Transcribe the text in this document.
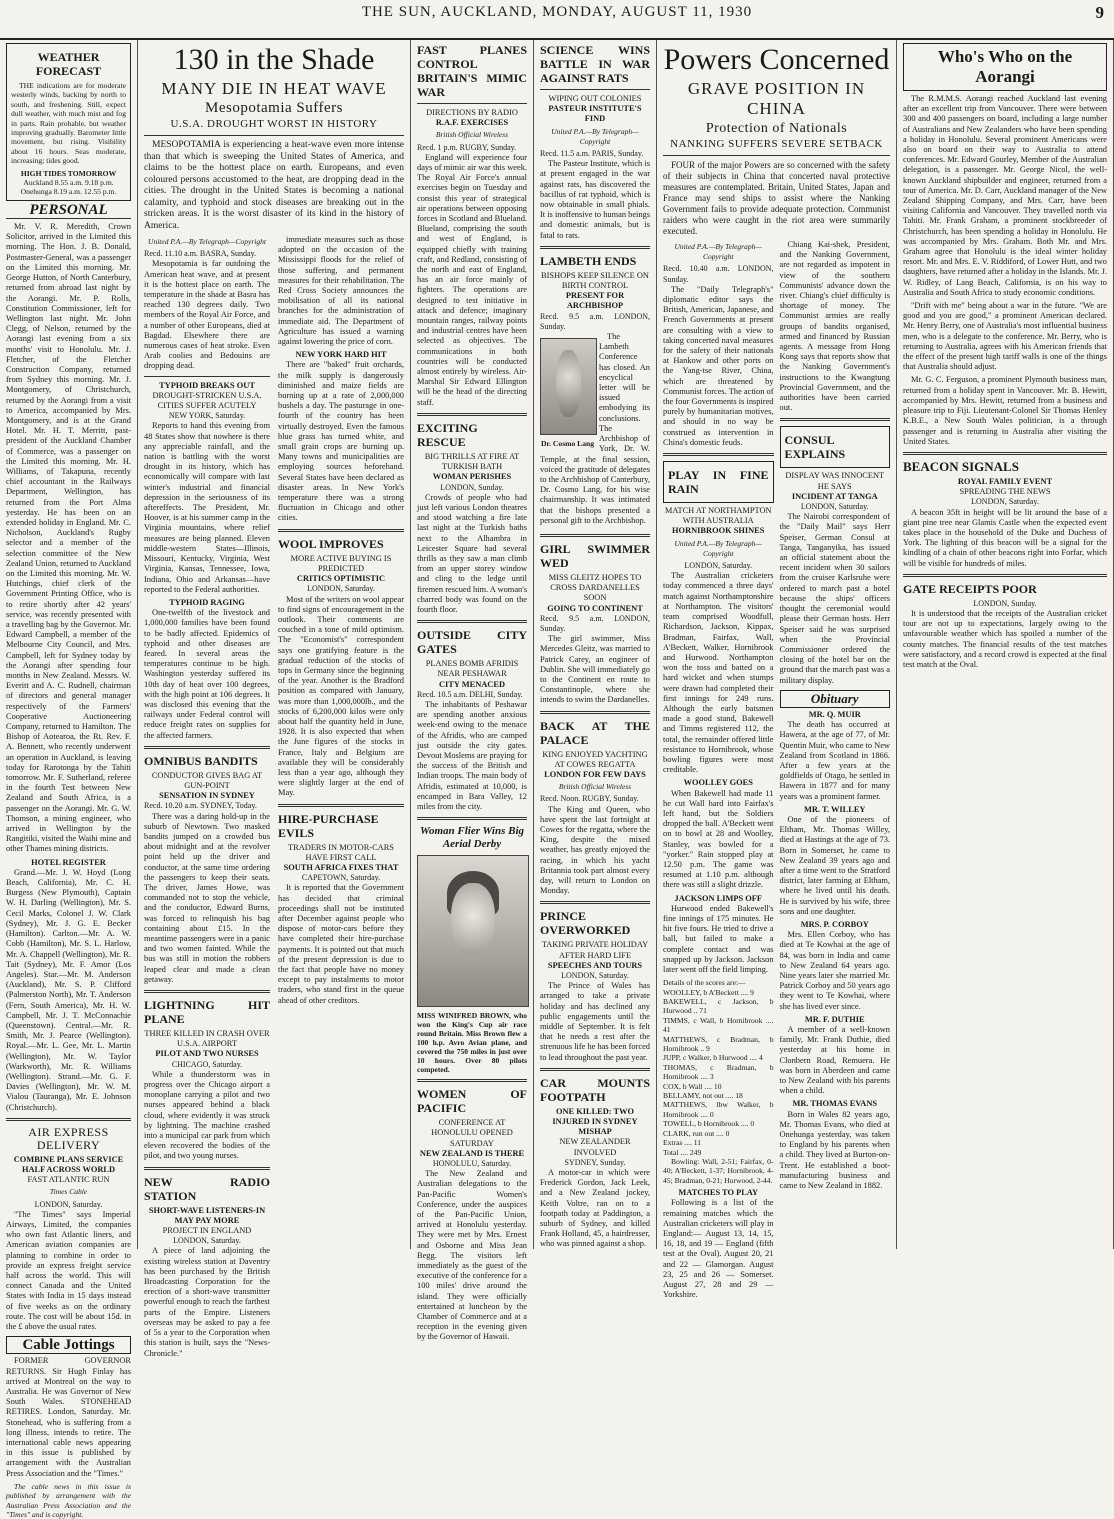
THE SUN, AUCKLAND, MONDAY, AUGUST 11, 1930	9
WEATHER FORECAST

THE indications are for moderate westerly winds, backing by north to south, and freshening. Still, expect dull weather, with much mist and fog in parts. Rain probable, but weather improving gradually. Barometer little movement, but rising. Visibility about 16 hours. Seas moderate, increasing; tides good.

HIGH TIDES TOMORROW
Auckland 8.55 a.m. 9.18 p.m.
Onehunga 8.19 a.m. 12.55 p.m.
PERSONAL

Mr. V. R. Meredith, Crown Solicitor, arrived in the Limited this morning. The Hon. J. B. Donald, Postmaster-General, was a passenger on the Limited this morning. Mr. George Hutton, of North Canterbury, returned from abroad last night by the Aorangi. Mr. P. Rolls, Constitution Commissioner, left for Wellington last night. Mr. John Clegg, of Nelson, returned by the Aorangi last evening from a six months' visit to Honolulu. Mr. J. Fletcher, of the Fletcher Construction Company, returned from Sydney this morning. Mr. J. Montgomery, of Christchurch, returned by the Aorangi from a visit to America, accompanied by Mrs. Montgomery, and is at the Grand Hotel. Mr. H. T. Merritt, past-president of the Auckland Chamber of Commerce, was a passenger on the Limited this morning. Mr. H. Williams, of Takapuna, recently chief accountant in the Railways Department, Wellington, has returned from the Port Alma yesterday. He has been on an extended holiday in England. Mr. C. Nicholson, Auckland's Rugby selector and a member of the selection committee of the New Zealand Union, returned to Auckland on the Limited this morning. Mr. W. Hutchings, chief clerk of the Government Printing Office, who is to retire shortly after 42 years' service, was recently presented with a travelling bag by the Governor. Mr. Edward Campbell, a member of the Melbourne City Council, and Mrs. Campbell, left for Sydney today by the Aorangi after spending four months in New Zealand. Messrs. W. Everitt and A. C. Rudnell, chairman of directors and general manager respectively of the Farmers' Cooperative Auctioneering Company, returned to Hamilton. The Bishop of Aotearoa, the Rt. Rev. F. A. Bennett, who recently underwent an operation in Auckland, is leaving today for Rarotonga by the Tahiti tomorrow. Mr. F. Sutherland, referee in the fourth Test between New Zealand and South Africa, is a passenger on the Aorangi. Mr. G. W. Thomson, a mining engineer, who arrived in Wellington by the Rangitiki, visited the Waihi mine and other Thames mining districts.

HOTEL REGISTER

Grand.—Mr. J. W. Hoyd (Long Beach, California), Mr. C. H. Burgess (New Plymouth), Captain W. H. Darling (Wellington), Mr. S. Cecil Marks, Colonel J. W. Clark (Sydney), Mr. J. G. E. Becker (Hamilton). Carlton.—Mr. A. W. Cobb (Hamilton), Mr. S. L. Harlow, Mr. A. Chappell (Wellington), Mr. R. Tait (Sydney), Mr. F. Amor (Los Angeles). Star.—Mr. M. Anderson (Auckland), Mr. S. P. Clifford (Palmerston North), Mr. T. Anderson (Fern, South America), Mr. H. W. Campbell, Mr. J. T. McConnachie (Queenstown). Central.—Mr. R. Smith, Mr. J. Pearce (Wellington). Royal.—Mr. L. Gee, Mr. L. Martin (Wellington), Mr. W. Taylor (Warkworth), Mr. R. Williams (Wellington). Strand.—Mr. G. F. Davies (Wellington), Mr. W. M. Vialou (Tauranga), Mr. E. Johnson (Christchurch).

AIR EXPRESS DELIVERY
COMBINE PLANS SERVICE HALF ACROSS WORLD
FAST ATLANTIC RUN
Times Cable
LONDON, Saturday.

"The Times" says Imperial Airways, Limited, the companies who own fast Atlantic liners, and American aviation companies are planning to combine in order to provide an express freight service half across the world. This will connect Canada and the United States with India in 15 days instead of five weeks as on the ordinary route. The cost will be about 15d. in the £ above the usual rates.

Cable Jottings

FORMER GOVERNOR RETURNS. Sir Hugh Finlay has arrived at Montreal on the way to Australia. He was Governor of New South Wales. STONEHEAD RETIRES. London, Saturday. Mr. Stonehead, who is suffering from a long illness, intends to retire. The international cable news appearing in this issue is published by arrangement with the Australian Press Association and the "Times."

The cable news in this issue is published by arrangement with the Australian Press Association and the "Times" and is copyright.

130 in the Shade
MANY DIE IN HEAT WAVE
Mesopotamia Suffers
U.S.A. DROUGHT WORST IN HISTORY

MESOPOTAMIA is experiencing a heat-wave even more intense than that which is sweeping the United States of America, and claims to be the hottest place on earth. Europeans, and even coloured persons accustomed to the heat, are dropping dead in the cities. The drought in the United States is becoming a national calamity, and typhoid and stock diseases are breaking out in the stricken areas. It is the worst disaster of its kind in the history of America.

United P.A.—By Telegraph—Copyright
Recd. 11.10 a.m. BASRA, Sunday.

Mesopotamia is far outdoing the American heat wave, and at present it is the hottest place on earth. The temperature in the shade at Basra has reached 130 degrees daily. Two members of the Royal Air Force, and a number of other Europeans, died at Bagdad. Elsewhere there are numerous cases of heat stroke. Even Arab coolies and Bedouins are dropping dead.

TYPHOID BREAKS OUT
DROUGHT-STRICKEN U.S.A.
CITIES SUFFER ACUTELY
NEW YORK, Saturday.

Reports to hand this evening from 48 States show that nowhere is there any appreciable rainfall, and the nation is battling with the worst drought in its history, which has economically will compare with last winter's industrial and financial depression in the seriousness of its aftereffects. The President, Mr. Hoover, is at his summer camp in the Virginia mountains, where relief measures are being planned. Eleven middle-western States—Illinois, Missouri, Kentucky, Virginia, West Virginia, Kansas, Tennessee, Iowa, Indiana, Ohio and Arkansas—have reported to the Federal authorities.

TYPHOID RAGING

One-twelfth of the livestock and 1,000,000 families have been found to be badly affected. Epidemics of typhoid and other diseases are feared. In several areas the temperatures continue to be high. Washington yesterday suffered its 10th day of heat over 100 degrees, with the high point at 106 degrees. It was disclosed this evening that the railways under Federal control will reduce freight rates on supplies for the affected farmers.

OMNIBUS BANDITS
CONDUCTOR GIVES BAG AT GUN-POINT
SENSATION IN SYDNEY
Recd. 10.20 a.m. SYDNEY, Today.

There was a daring hold-up in the suburb of Newtown. Two masked bandits jumped on a crowded bus about midnight and at the revolver point held up the driver and conductor, at the same time ordering the passengers to keep their seats. The driver, James Howe, was commanded not to stop the vehicle, and the conductor, Edward Burns, was forced to relinquish his bag containing about £15. In the meantime passengers were in a panic and two women fainted. While the bus was still in motion the robbers leaped clear and made a clean getaway.

LIGHTNING HIT PLANE
THREE KILLED IN CRASH OVER U.S.A. AIRPORT
PILOT AND TWO NURSES
CHICAGO, Saturday.

While a thunderstorm was in progress over the Chicago airport a monoplane carrying a pilot and two nurses appeared behind a black cloud, where evidently it was struck by lightning. The machine crashed into a municipal car park from which eleven recovered the bodies of the pilot, and two young nurses.

NEW RADIO STATION
SHORT-WAVE LISTENERS-IN MAY PAY MORE
PROJECT IN ENGLAND
LONDON, Saturday.

A piece of land adjoining the existing wireless station at Daventry has been purchased by the British Broadcasting Corporation for the erection of a short-wave transmitter powerful enough to reach the farthest parts of the Empire. Listeners overseas may be asked to pay a fee of 5s a year to the Corporation when this station is built, says the "News-Chronicle."

immediate measures such as those adopted on the occasion of the Mississippi floods for the relief of those suffering, and permanent measures for their rehabilitation. The Red Cross Society announces the mobilisation of all its national branches for the administration of immediate aid. The Department of Agriculture has issued a warning against lowering the price of corn.

NEW YORK HARD HIT

There are "baked" fruit orchards, the milk supply is dangerously diminished and maize fields are burning up at a rate of 2,000,000 bushels a day. The pasturage in one-fourth of the country has been virtually destroyed. Even the famous blue grass has turned white, and small grain crops are burning up. Many towns and municipalities are employing sources beforehand. Several States have been declared as disaster areas. In New York's temperature there was a strong fluctuation in Chicago and other cities.

WOOL IMPROVES
MORE ACTIVE BUYING IS PREDICTED
CRITICS OPTIMISTIC
LONDON, Saturday.

Most of the writers on wool appear to find signs of encouragement in the outlook. Their comments are couched in a tone of mild optimism. The "Economist's" correspondent says one gratifying feature is the gradual reduction of the stocks of tops in Germany since the beginning of the year. Another is the Bradford position as compared with January, was more than 1,000,000lb., and the stocks of 6,200,000 kilos were only about half the quantity held in June, 1928. It is also expected that when the June figures of the stocks in France, Italy and Belgium are available they will be considerably less than a year ago, although they were slightly larger at the end of May.

HIRE-PURCHASE EVILS
TRADERS IN MOTOR-CARS HAVE FIRST CALL
SOUTH AFRICA FIXES THAT
CAPETOWN, Saturday.

It is reported that the Government has decided that criminal proceedings shall not be instituted after December against people who dispose of motor-cars before they have completed their hire-purchase payments. It is pointed out that much of the present depression is due to the fact that people have no money except to pay instalments to motor traders, who stand first in the queue ahead of other creditors.

FAST PLANES CONTROL BRITAIN'S MIMIC WAR
DIRECTIONS BY RADIO
R.A.F. EXERCISES
British Official Wireless
Recd. 1 p.m. RUGBY, Sunday.

England will experience four days of mimic air war this week. The Royal Air Force's annual exercises begin on Tuesday and consist this year of strategical air operations between opposing forces in Scotland and Blueland. Blueland, comprising the south and west of England, is equipped chiefly with training craft, and Redland, consisting of the north and east of England, has an air force mainly of fighters. The operations are designed to test initiative in attack and defence; imaginary mountain ranges, railway points and industrial centres have been selected as objectives. The communications in both countries will be conducted almost entirely by wireless. Air-Marshal Sir Edward Ellington will be the head of the directing staff.

EXCITING RESCUE
BIG THRILLS AT FIRE AT TURKISH BATH
WOMAN PERISHES
LONDON, Sunday.

Crowds of people who had just left various London theatres and stood watching a fire late last night at the Turkish baths next to the Alhambra in Leicester Square had several thrills as they saw a man climb from an upper storey window and cling to the ledge until firemen rescued him. A woman's charred body was found on the fourth floor.

OUTSIDE CITY GATES
PLANES BOMB AFRIDIS NEAR PESHAWAR
CITY MENACED
Recd. 10.5 a.m. DELHI, Sunday.

The inhabitants of Peshawar are spending another anxious week-end owing to the menace of the Afridis, who are camped just outside the city gates. Devout Moslems are praying for the success of the British and Indian troops. The main body of Afridis, estimated at 10,000, is encamped in Bara Valley, 12 miles from the city.

Woman Flier Wins Big Aerial Derby
MISS WINIFRED BROWN, who won the King's Cup air race round Britain. Miss Brown flew a 100 h.p. Avro Avian plane, and covered the 750 miles in just over 10 hours. Over 80 pilots competed.
WOMEN OF PACIFIC
CONFERENCE AT HONOLULU OPENED SATURDAY
NEW ZEALAND IS THERE
HONOLULU, Saturday.

The New Zealand and Australian delegations to the Pan-Pacific Women's Conference, under the auspices of the Pan-Pacific Union, arrived at Honolulu yesterday. They were met by Mrs. Ernest and Osborne and Miss Jean Begg. The visitors left immediately as the guest of the executive of the conference for a 100 miles' drive around the island. They were officially entertained at luncheon by the Chamber of Commerce and at a reception in the evening given by the Governor of Hawaii.

SCIENCE WINS BATTLE IN WAR AGAINST RATS
WIPING OUT COLONIES
PASTEUR INSTITUTE'S FIND
United P.A.—By Telegraph—Copyright
Recd. 11.5 a.m. PARIS, Sunday.

The Pasteur Institute, which is at present engaged in the war against rats, has discovered the bacillus of rat typhoid, which is now obtainable in small phials. It is inoffensive to human beings and domestic animals, but is fatal to rats.

LAMBETH ENDS
BISHOPS KEEP SILENCE ON BIRTH CONTROL
PRESENT FOR ARCHBISHOP
Recd. 9.5 a.m. LONDON, Sunday.
Dr. Cosmo Lang

The Lambeth Conference has closed. An encyclical letter will be issued embodying its conclusions. The Archbishop of York, Dr. W. Temple, at the final session, voiced the gratitude of delegates to the Archbishop of Canterbury, Dr. Cosmo Lang, for his wise chairmanship. It was intimated that the bishops presented a personal gift to the Archbishop.

GIRL SWIMMER WED
MISS GLEITZ HOPES TO CROSS DARDANELLES SOON
GOING TO CONTINENT
Recd. 9.5 a.m. LONDON, Sunday.

The girl swimmer, Miss Mercedes Gleitz, was married to Patrick Carey, an engineer of Dublin. She will immediately go to the Continent en route to Constantinople, where she intends to swim the Dardanelles.

BACK AT THE PALACE
KING ENJOYED YACHTING AT COWES REGATTA
LONDON FOR FEW DAYS
British Official Wireless
Recd. Noon. RUGBY, Sunday.

The King and Queen, who have spent the last fortnight at Cowes for the regatta, where the King, despite the mixed weather, has greatly enjoyed the racing, in which his yacht Britannia took part almost every day, will return to London on Monday.

PRINCE OVERWORKED
TAKING PRIVATE HOLIDAY AFTER HARD LIFE
SPEECHES AND TOURS
LONDON, Saturday.

The Prince of Wales has arranged to take a private holiday and has declined any public engagements until the middle of September. It is felt that he needs a rest after the strenuous life he has been forced to lead throughout the past year.

CAR MOUNTS FOOTPATH
ONE KILLED: TWO INJURED IN SYDNEY MISHAP
NEW ZEALANDER INVOLVED
SYDNEY, Sunday.

A motor-car in which were Frederick Gordon, Jack Leek, and a New Zealand jockey, Keith Voltre, ran on to a footpath today at Paddington, a suburb of Sydney, and killed Frank Holland, 45, a hairdresser, who was pinned against a shop.

Powers Concerned
GRAVE POSITION IN CHINA
Protection of Nationals
NANKING SUFFERS SEVERE SETBACK

FOUR of the major Powers are so concerned with the safety of their subjects in China that concerted naval protective measures are contemplated. Britain, United States, Japan and France may send ships to assist where the Nanking Government fails to provide adequate protection. Communist raiders who were caught in the riot area were summarily executed.

United P.A.—By Telegraph—Copyright
Recd. 10.40 a.m. LONDON, Sunday.

The "Daily Telegraph's" diplomatic editor says the British, American, Japanese, and French Governments at present are consulting with a view to taking concerted naval measures for the safety of their nationals at Hankow and other ports on the Yang-tse River, China, which are threatened by Communist forces. The action of the four Governments is inspired purely by humanitarian motives, and should in no way be construed as intervention in China's domestic feuds.

PLAY IN FINE RAIN
MATCH AT NORTHAMPTON WITH AUSTRALIA
HORNIBROOK SHINES
United P.A.—By Telegraph—Copyright
LONDON, Saturday.

The Australian cricketers today commenced a three days' match against Northamptonshire at Northampton. The visitors' team comprised Woodfull, Richardson, Jackson, Kippax, Bradman, Fairfax, Wall, A'Beckett, Walker, Hornibrook and Hurwood. Northampton won the toss and batted on a hard wicket and when stumps were drawn had completed their first innings for 249 runs. Although the early batsmen made a good stand, Bakewell and Timms registered 112, the total, the remainder offered little resistance to Hornibrook, whose bowling figures were most creditable.

WOOLLEY GOES

When Bakewell had made 11 he cut Wall hard into Fairfax's left hand, but the Soldiers dropped the ball. A'Beckett went on to bowl at 28 and Woolley, Stanley, was bowled for a "yorker." Rain stopped play at 12.50 p.m. The game was resumed at 1.10 p.m. although there was still a slight drizzle.

JACKSON LIMPS OFF

Hurwood ended Bakewell's fine innings of 175 minutes. He hit five fours. He tried to drive a ball, but failed to make a complete contact and was snapped up by Jackson. Jackson later went off the field limping.

Details of the scores are:—
WOOLLEY, b A'Beckett .... 9
BAKEWELL, c Jackson, b Hurwood .. 71
TIMMS, c Wall, b Hornibrook .... 41
MATTHEWS, c Bradman, b Hornibrook .. 9
JUPP, c Walker, b Hurwood .... 4
THOMAS, c Bradman, b Hornibrook .... 3
COX, b Wall .... 10
BELLAMY, not out .... 18
MATTHEWS, lbw Walker, b Hornibrook .... 0
TOWELL, b Hornibrook .... 0
CLARK, run out .... 0
Extras .... 11
Total .... 249

Bowling: Wall, 2-51; Fairfax, 0-40; A'Beckett, 1-37; Hornibrook, 4-45; Bradman, 0-21; Hurwood, 2-44.

MATCHES TO PLAY

Following is a list of the remaining matches which the Australian cricketers will play in England:— August 13, 14, 15, 16, 18, and 19 — England (fifth test at the Oval). August 20, 21 and 22 — Glamorgan. August 23, 25 and 26 — Somerset. August 27, 28 and 29 — Yorkshire.

Chiang Kai-shek, President, and the Nanking Government, are not regarded as impotent in view of the southern Communists' advance down the river. Chiang's chief difficulty is shortage of money. The Communist armies are really groups of bandits organised, armed and financed by Russian agents. A message from Hong Kong says that reports show that the Nanking Government's instructions to the Kwangtung Provincial Government, and the authorities have been carried out.

CONSUL EXPLAINS
DISPLAY WAS INNOCENT HE SAYS
INCIDENT AT TANGA
LONDON, Saturday.

The Nairobi correspondent of the "Daily Mail" says Herr Speiser, German Consul at Tanga, Tanganyika, has issued an official statement about the recent incident when 30 sailors from the cruiser Karlsruhe were ordered to march past a hotel because the ships' officers thought the ceremonial would please their German hosts. Herr Speiser said he was surprised when the Provincial Commissioner ordered the closing of the hotel bar on the ground that the march past was a military display.

Obituary
MR. Q. MUIR

The death has occurred at Hawera, at the age of 77, of Mr. Quentin Muir, who came to New Zealand from Scotland in 1866. After a few years at the goldfields of Otago, he settled in Hawera in 1877 and for many years was a prominent farmer.

MR. T. WILLEY

One of the pioneers of Eltham, Mr. Thomas Willey, died at Hastings at the age of 73. Born in Somerset, he came to New Zealand 39 years ago and after a time went to the Stratford district, later farming at Eltham, where he lived until his death. He is survived by his wife, three sons and one daughter.

MRS. P. CORBOY

Mrs. Ellen Corboy, who has died at Te Kowhai at the age of 84, was born in India and came to New Zealand 64 years ago. Nine years later she married Mr. Patrick Corboy and 50 years ago they went to Te Kowhai, where she has lived ever since.

MR. F. DUTHIE

A member of a well-known family, Mr. Frank Duthie, died yesterday at his home in Clonbern Road, Remuera. He was born in Aberdeen and came to New Zealand with his parents when a child.

MR. THOMAS EVANS

Born in Wales 82 years ago, Mr. Thomas Evans, who died at Onehunga yesterday, was taken to England by his parents when a child. They lived at Burton-on-Trent. He established a boot-manufacturing business and came to New Zealand in 1882.

Who's Who on the Aorangi

The R.M.M.S. Aorangi reached Auckland last evening after an excellent trip from Vancouver. There were between 300 and 400 passengers on board, including a large number of Australians and New Zealanders who have been spending a holiday in Honolulu. Several prominent Americans were also on board on their way to Australia to attend conferences. Mr. Edward Gourley, Member of the Australian delegation, is a passenger. Mr. George Nicol, the well-known Auckland shipbuilder and engineer, returned from a tour of America. Mr. D. Carr, Auckland manager of the New Zealand Shipping Company, and Mrs. Carr, have been visiting California and Vancouver. They travelled north via Tahiti. Mr. Frank Graham, a prominent stockbreeder of Christchurch, has been spending a holiday in Honolulu. He was accompanied by Mrs. Graham. Both Mr. and Mrs. Graham agree that Honolulu is the ideal winter holiday resort. Mr. and Mrs. E. V. Riddiford, of Lower Hutt, and two daughters, have returned after a holiday in the Islands. Mr. J. W. Ridley, of Lang Beach, California, is on his way to Australia and South Africa to study economic conditions.

"Drift with me" being about a war in the future. "We are good and you are good," a prominent American declared. Mr. Henry Berry, one of Australia's most influential business men, who is a delegate to the conference. Mr. Berry, who is returning to Australia, agrees with his American friends that the effect of the present high tariff walls is one of the things that Australia should adjust.

Mr. G. C. Ferguson, a prominent Plymouth business man, returned from a holiday spent in Vancouver. Mr. B. Hewitt, accompanied by Mrs. Hewitt, returned from a business and pleasure trip to Fiji. Lieutenant-Colonel Sir Thomas Henley K.B.E., a New South Wales politician, is a through passenger and is returning to Australia after visiting the United States.

BEACON SIGNALS
ROYAL FAMILY EVENT
SPREADING THE NEWS
LONDON, Saturday.

A beacon 35ft in height will be lit around the base of a giant pine tree near Glamis Castle when the expected event takes place in the household of the Duke and Duchess of York. The lighting of this beacon will be a signal for the kindling of a chain of other beacons right into Forfar, which will be visible for hundreds of miles.

GATE RECEIPTS POOR
LONDON, Sunday.

It is understood that the receipts of the Australian cricket tour are not up to expectations, largely owing to the unfavourable weather which has spoiled a number of the county matches. The financial results of the test matches were satisfactory, and a record crowd is expected at the final test match at the Oval.
